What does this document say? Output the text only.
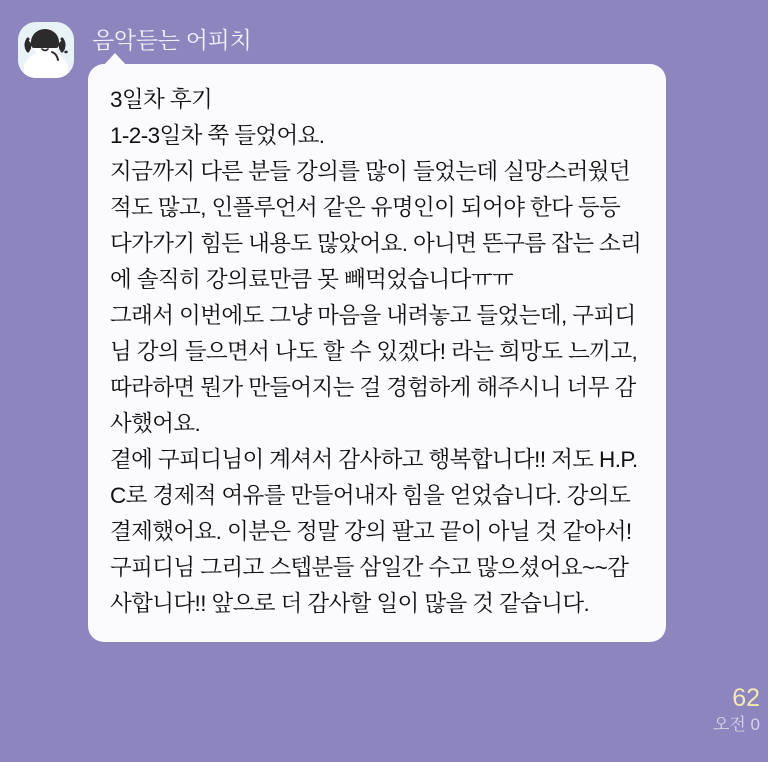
음악듣는 어피치

3일차 후기

1-2-3일차 쭉 들었어요.

지금까지 다른 분들 강의를 많이 들었는데 실망스러웠던 적도 많고, 인플루언서 같은 유명인이 되어야 한다 등등 다가가기 힘든 내용도 많았어요. 아니면 뜬구름 잡는 소리에 솔직히 강의료만큼 못 빼먹었습니다ㅠㅠ

그래서 이번에도 그냥 마음을 내려놓고 들었는데, 구피디님 강의 들으면서 나도 할 수 있겠다! 라는 희망도 느끼고, 따라하면 뭔가 만들어지는 걸 경험하게 해주시니 너무 감사했어요.

곁에 구피디님이 계셔서 감사하고 행복합니다!! 저도 H.P.C로 경제적 여유를 만들어내자 힘을 얻었습니다. 강의도 결제했어요. 이분은 정말 강의 팔고 끝이 아닐 것 같아서!

구피디님 그리고 스텝분들 삼일간 수고 많으셨어요~~감사합니다!! 앞으로 더 감사할 일이 많을 것 같습니다.

62
오전 0
